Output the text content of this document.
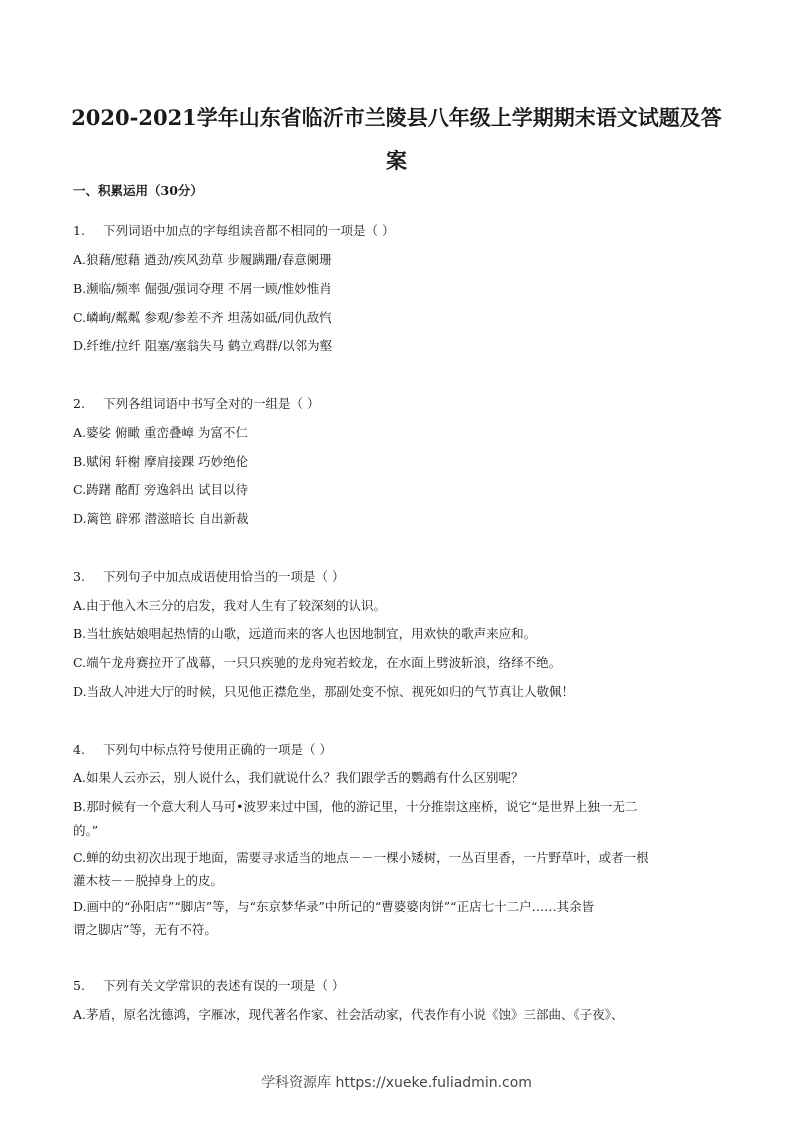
2020-2021学年山东省临沂市兰陵县八年级上学期期末语文试题及答
案
一、积累运用（30分）
1. 下列词语中加点的字每组读音都不相同的一项是（ ）
A.狼藉/慰藉 遒劲/疾风劲草 步履蹒跚/春意阑珊
B.濒临/频率 倔强/强词夺理 不屑一顾/惟妙惟肖
C.嶙峋/粼粼 参观/参差不齐 坦荡如砥/同仇敌忾
D.纤维/拉纤 阻塞/塞翁失马 鹤立鸡群/以邻为壑
2. 下列各组词语中书写全对的一组是（ ）
A.婆娑 俯瞰 重峦叠嶂 为富不仁
B.赋闲 轩榭 摩肩接踝 巧妙绝伦
C.踌躇 酩酊 旁逸斜出 试目以待
D.篱笆 辟邪 潜滋暗长 自出新裁
3. 下列句子中加点成语使用恰当的一项是（ ）
A.由于他入木三分的启发，我对人生有了较深刻的认识。
B.当壮族姑娘唱起热情的山歌，远道而来的客人也因地制宜，用欢快的歌声来应和。
C.端午龙舟赛拉开了战幕，一只只疾驰的龙舟宛若蛟龙，在水面上劈波斩浪，络绎不绝。
D.当敌人冲进大厅的时候，只见他正襟危坐，那副处变不惊、视死如归的气节真让人敬佩！
4. 下列句中标点符号使用正确的一项是（ ）
A.如果人云亦云，别人说什么，我们就说什么？我们跟学舌的鹦鹉有什么区别呢？
B.那时候有一个意大利人马可•波罗来过中国，他的游记里，十分推崇这座桥，说它“是世界上独一无二
的。”
C.蝉的幼虫初次出现于地面，需要寻求适当的地点－－一棵小矮树，一丛百里香，一片野草叶，或者一根
灌木枝－－脱掉身上的皮。
D.画中的“孙阳店”“脚店”等，与“东京梦华录”中所记的“曹婆婆肉饼”“正店七十二户……其余皆
谓之脚店”等，无有不符。
5. 下列有关文学常识的表述有误的一项是（ ）
A.茅盾，原名沈德鸿，字雁冰，现代著名作家、社会活动家，代表作有小说《蚀》三部曲、《子夜》、
学科资源库 https://xueke.fuliadmin.com
